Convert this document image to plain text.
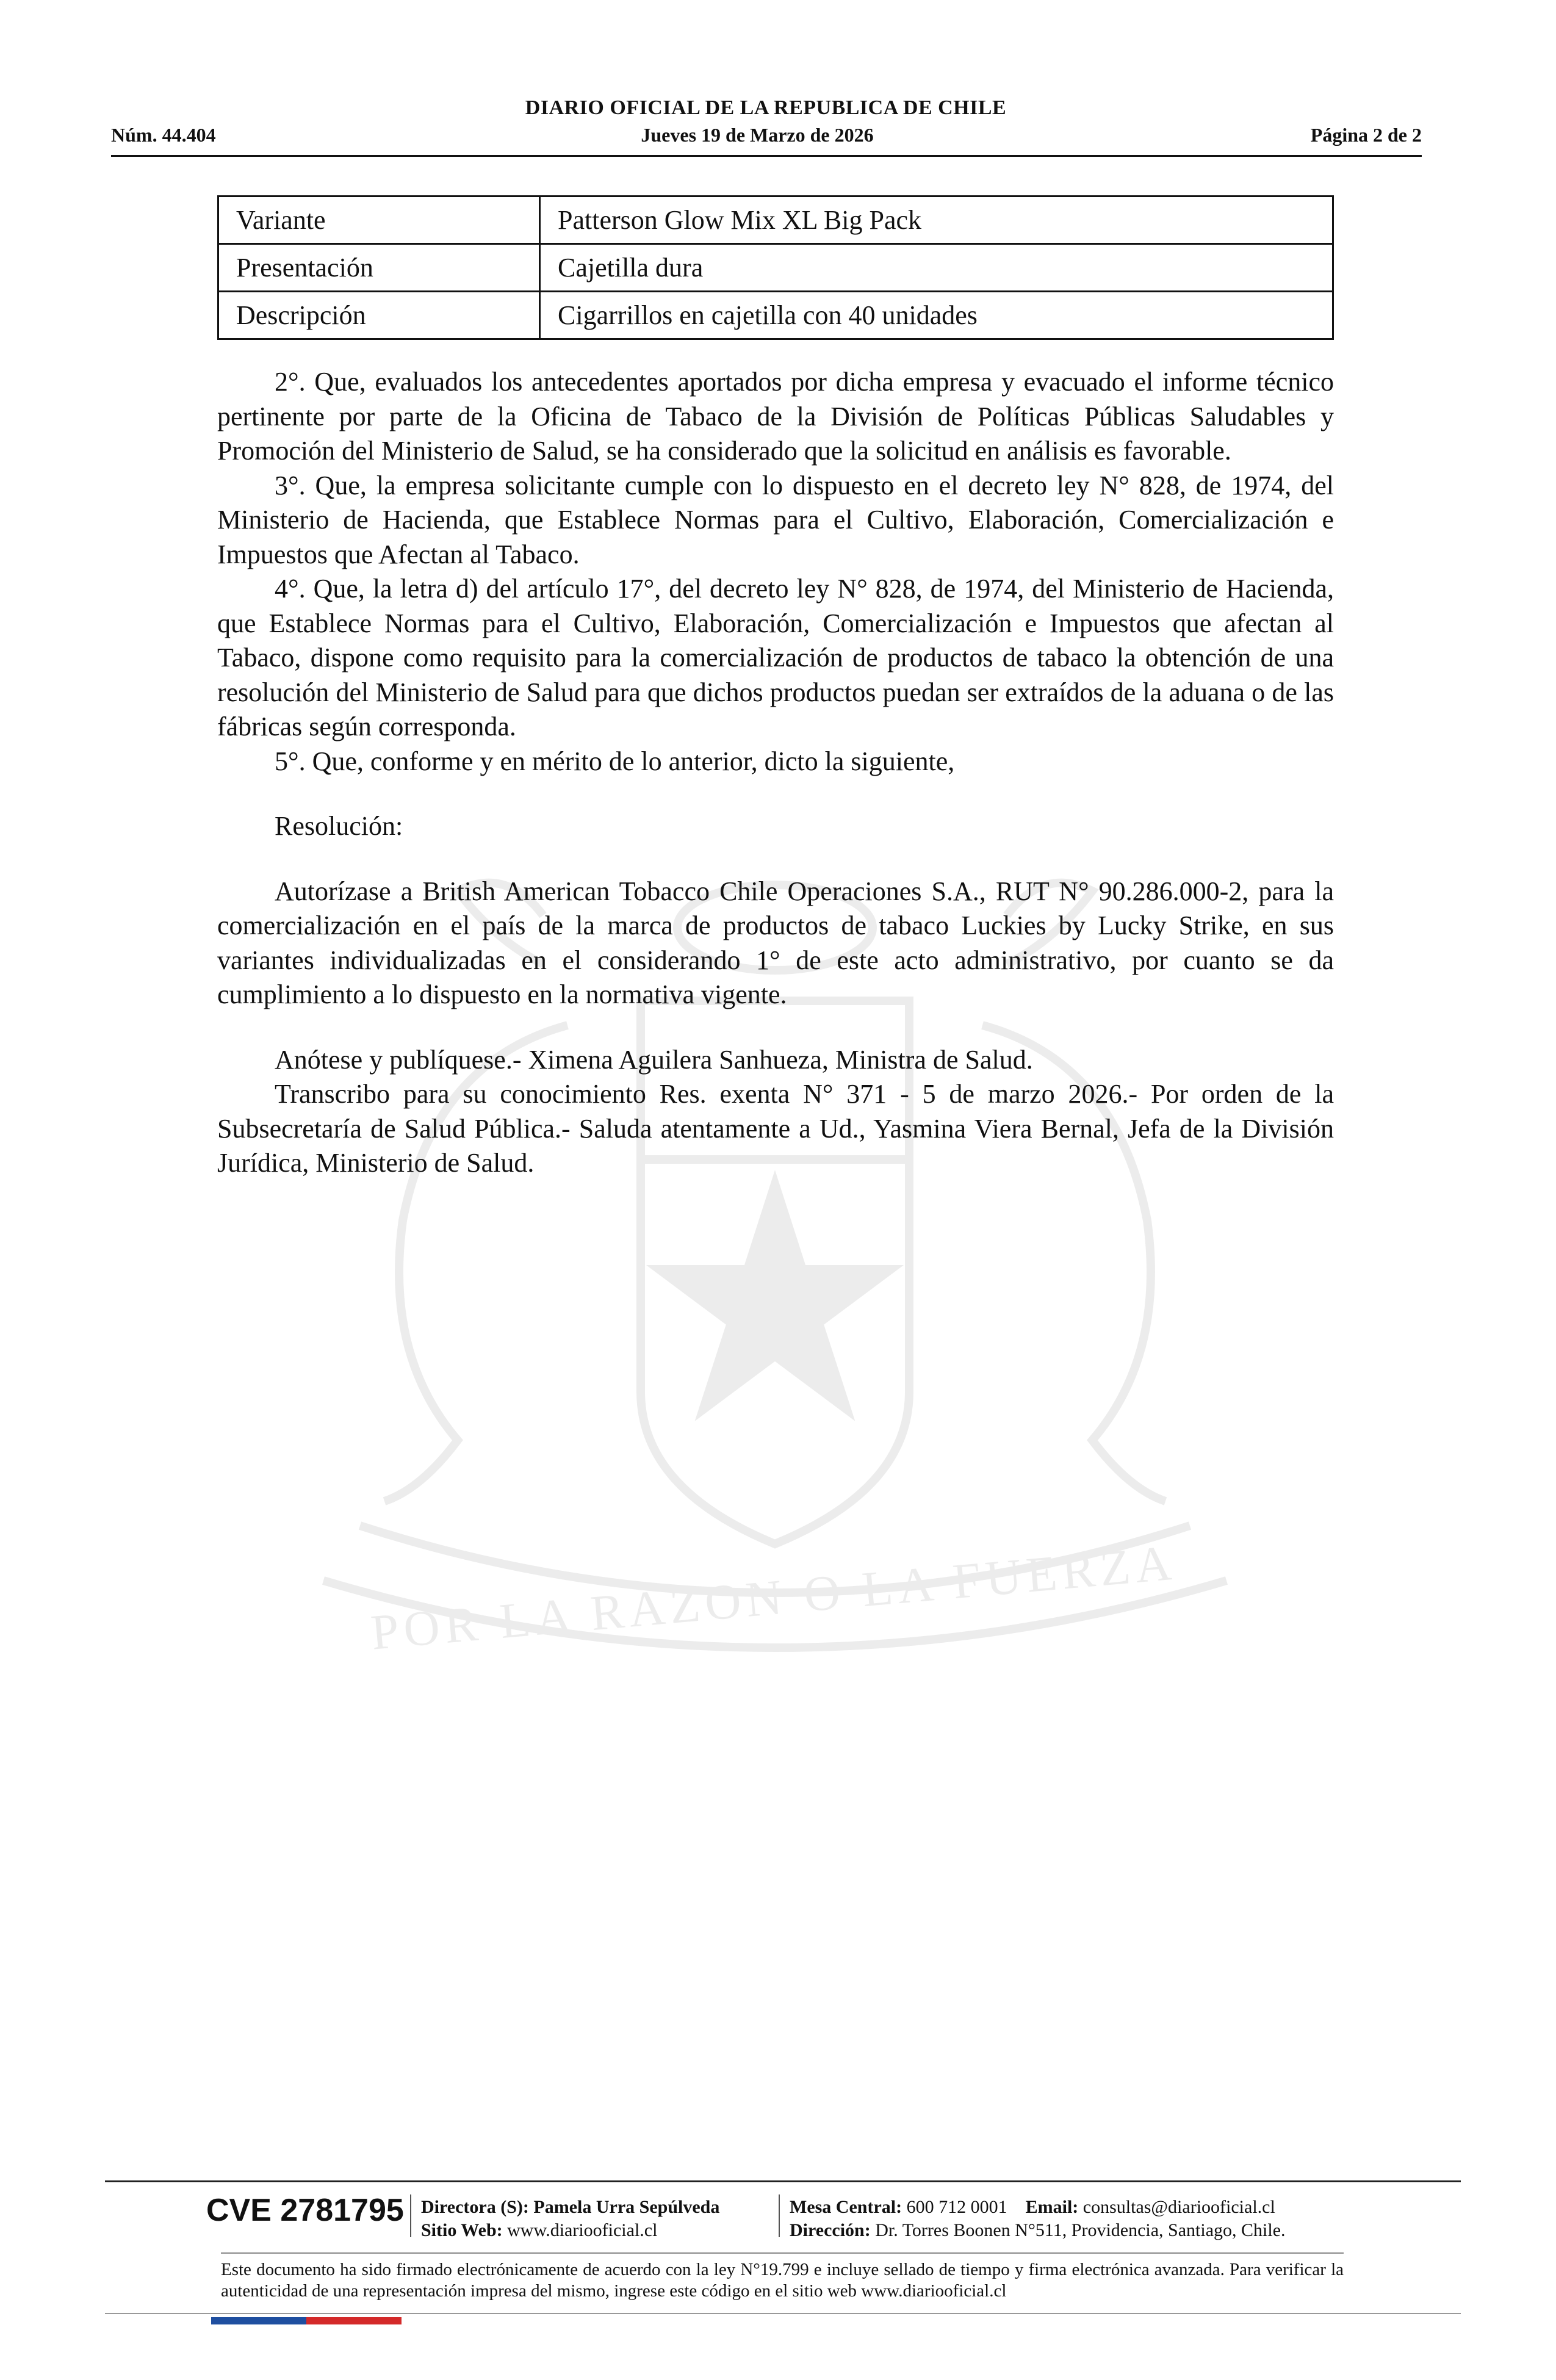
DIARIO OFICIAL DE LA REPUBLICA DE CHILE
Núm. 44.404	Jueves 19 de Marzo de 2026	Página 2 de 2
POR LA RAZON O LA FUERZA
Variante	Patterson Glow Mix XL Big Pack
Presentación	Cajetilla dura
Descripción	Cigarrillos en cajetilla con 40 unidades

2°. Que, evaluados los antecedentes aportados por dicha empresa y evacuado el informe técnico pertinente por parte de la Oficina de Tabaco de la División de Políticas Públicas Saludables y Promoción del Ministerio de Salud, se ha considerado que la solicitud en análisis es favorable.

3°. Que, la empresa solicitante cumple con lo dispuesto en el decreto ley N° 828, de 1974, del Ministerio de Hacienda, que Establece Normas para el Cultivo, Elaboración, Comercialización e Impuestos que Afectan al Tabaco.

4°. Que, la letra d) del artículo 17°, del decreto ley N° 828, de 1974, del Ministerio de Hacienda, que Establece Normas para el Cultivo, Elaboración, Comercialización e Impuestos que afectan al Tabaco, dispone como requisito para la comercialización de productos de tabaco la obtención de una resolución del Ministerio de Salud para que dichos productos puedan ser extraídos de la aduana o de las fábricas según corresponda.

5°. Que, conforme y en mérito de lo anterior, dicto la siguiente,

Resolución:

Autorízase a British American Tobacco Chile Operaciones S.A., RUT N° 90.286.000-2, para la comercialización en el país de la marca de productos de tabaco Luckies by Lucky Strike, en sus variantes individualizadas en el considerando 1° de este acto administrativo, por cuanto se da cumplimiento a lo dispuesto en la normativa vigente.

Anótese y publíquese.- Ximena Aguilera Sanhueza, Ministra de Salud.

Transcribo para su conocimiento Res. exenta N° 371 - 5 de marzo 2026.- Por orden de la Subsecretaría de Salud Pública.- Saluda atentamente a Ud., Yasmina Viera Bernal, Jefa de la División Jurídica, Ministerio de Salud.

CVE 2781795 Directora (S): Pamela Urra Sepúlveda
Sitio Web: www.diariooficial.cl
Mesa Central: 600 712 0001 Email: consultas@diariooficial.cl
Dirección: Dr. Torres Boonen N°511, Providencia, Santiago, Chile.
Este documento ha sido firmado electrónicamente de acuerdo con la ley N°19.799 e incluye sellado de tiempo y firma electrónica avanzada. Para verificar la autenticidad de una representación impresa del mismo, ingrese este código en el sitio web www.diariooficial.cl
